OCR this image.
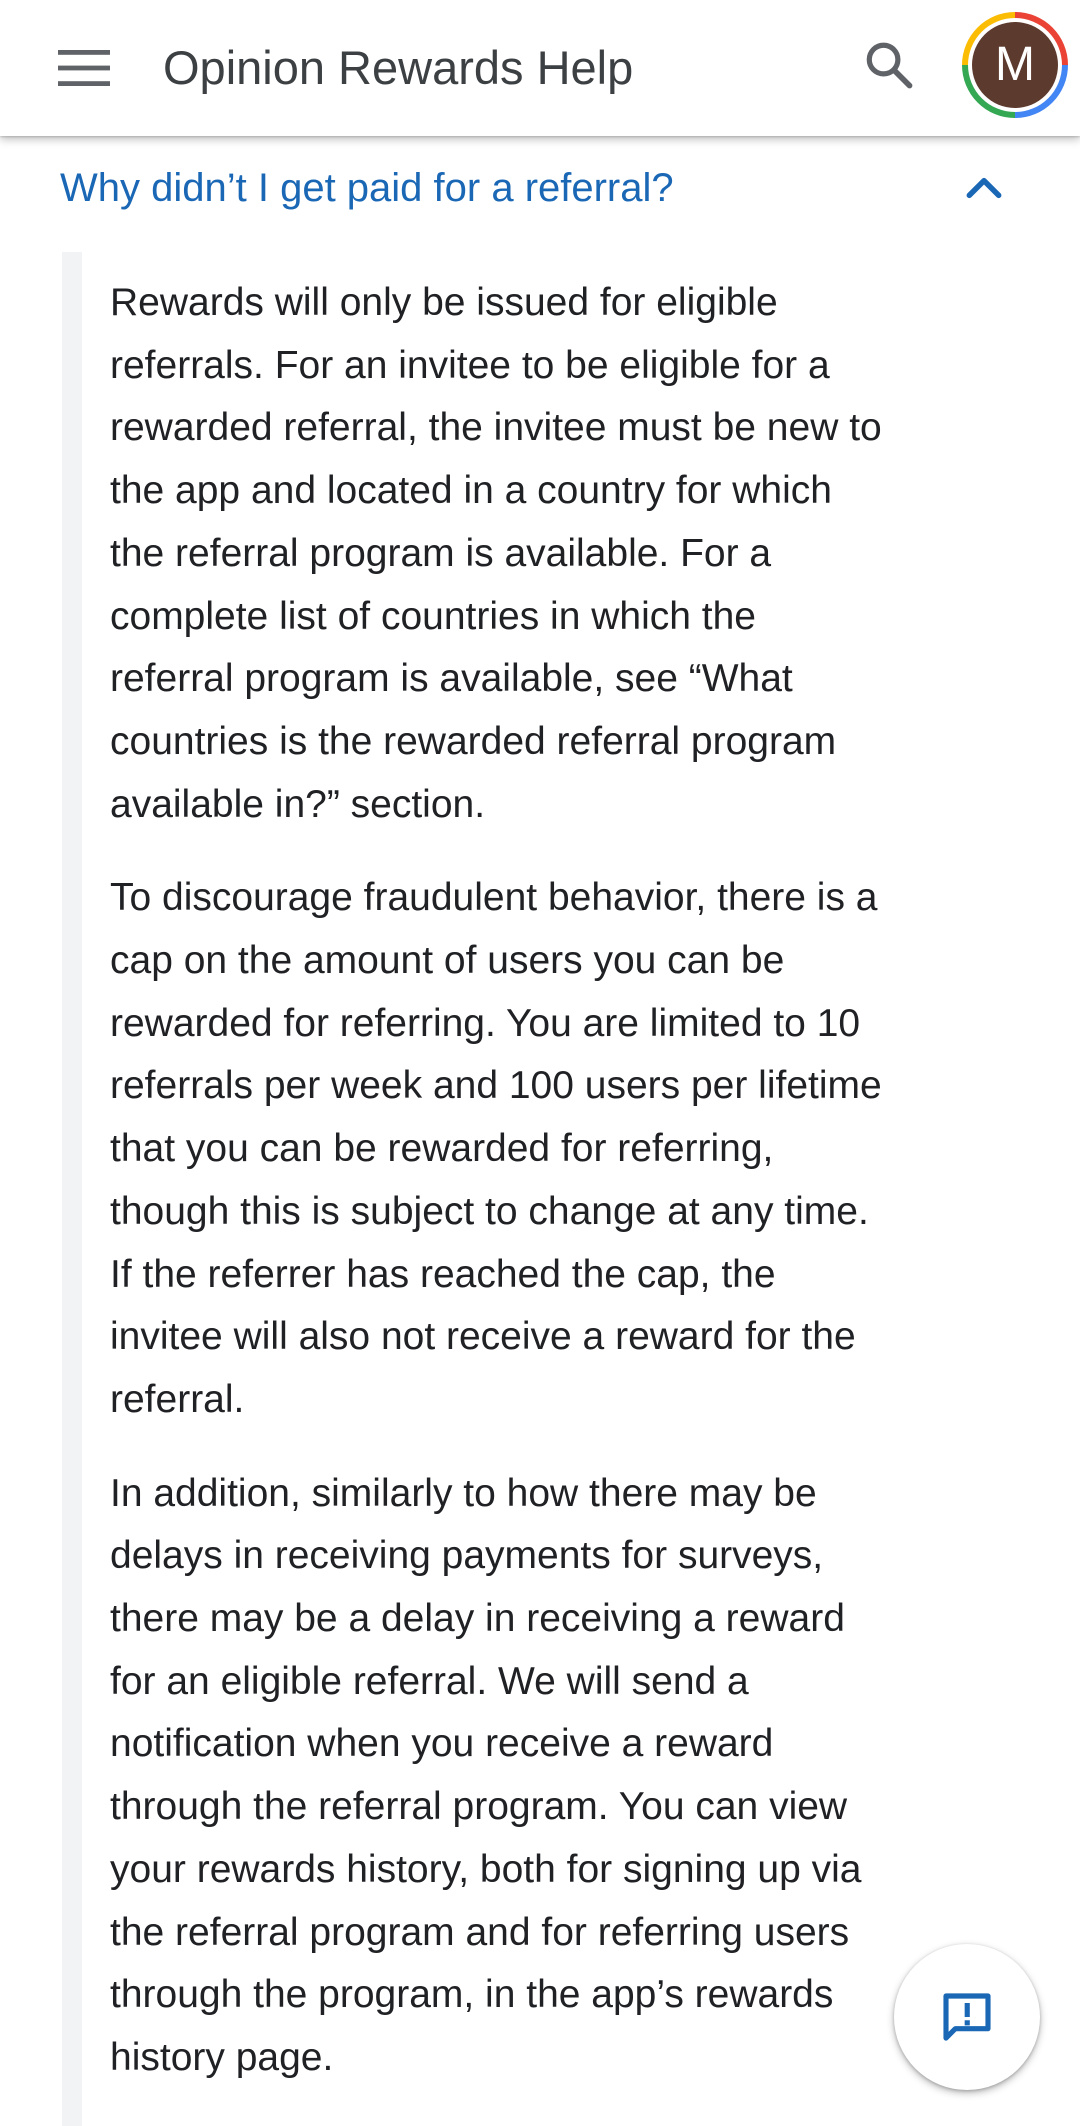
Opinion Rewards Help	M
Why didn’t I get paid for a referral?

Rewards will only be issued for eligible
referrals. For an invitee to be eligible for a
rewarded referral, the invitee must be new to
the app and located in a country for which
the referral program is available. For a
complete list of countries in which the
referral program is available, see “What
countries is the rewarded referral program
available in?” section.

To discourage fraudulent behavior, there is a
cap on the amount of users you can be
rewarded for referring. You are limited to 10
referrals per week and 100 users per lifetime
that you can be rewarded for referring,
though this is subject to change at any time.
If the referrer has reached the cap, the
invitee will also not receive a reward for the
referral.

In addition, similarly to how there may be
delays in receiving payments for surveys,
there may be a delay in receiving a reward
for an eligible referral. We will send a
notification when you receive a reward
through the referral program. You can view
your rewards history, both for signing up via
the referral program and for referring users
through the program, in the app’s rewards
history page.
